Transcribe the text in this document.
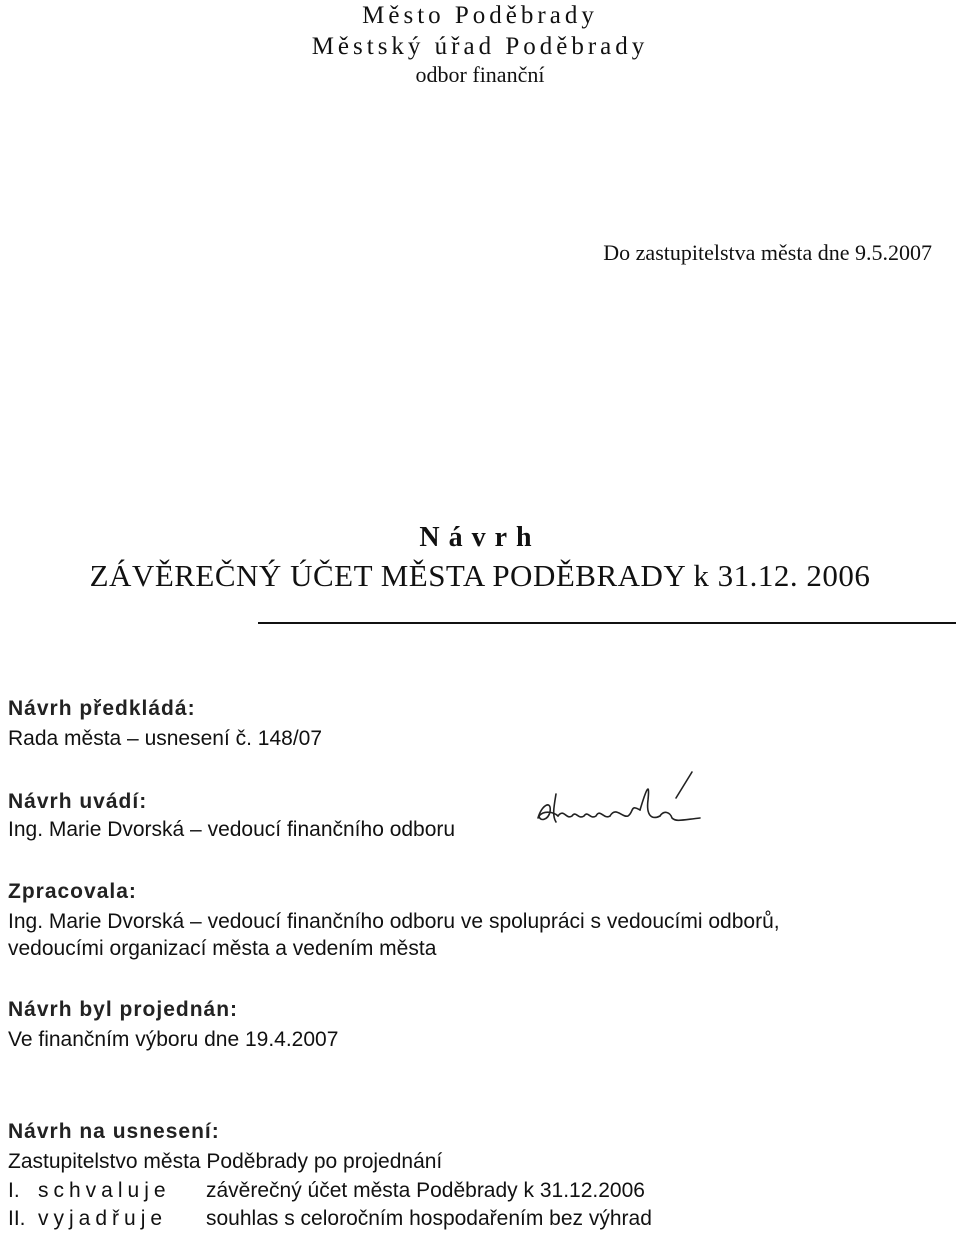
Město Poděbrady
Městský úřad Poděbrady
odbor finanční
Do zastupitelstva města dne 9.5.2007
Návrh
ZÁVĚREČNÝ ÚČET MĚSTA PODĚBRADY k 31.12. 2006
Návrh předkládá:
Rada města – usnesení č. 148/07
Návrh uvádí:
Ing. Marie Dvorská – vedoucí finančního odboru
Zpracovala:
Ing. Marie Dvorská – vedoucí finančního odboru ve spolupráci s vedoucími odborů,
vedoucími organizací města a vedením města
Návrh byl projednán:
Ve finančním výboru dne 19.4.2007
Návrh na usnesení:
Zastupitelstvo města Poděbrady po projednání
I. schvaluje závěrečný účet města Poděbrady k 31.12.2006
II. vyjadřuje souhlas s celoročním hospodařením bez výhrad
